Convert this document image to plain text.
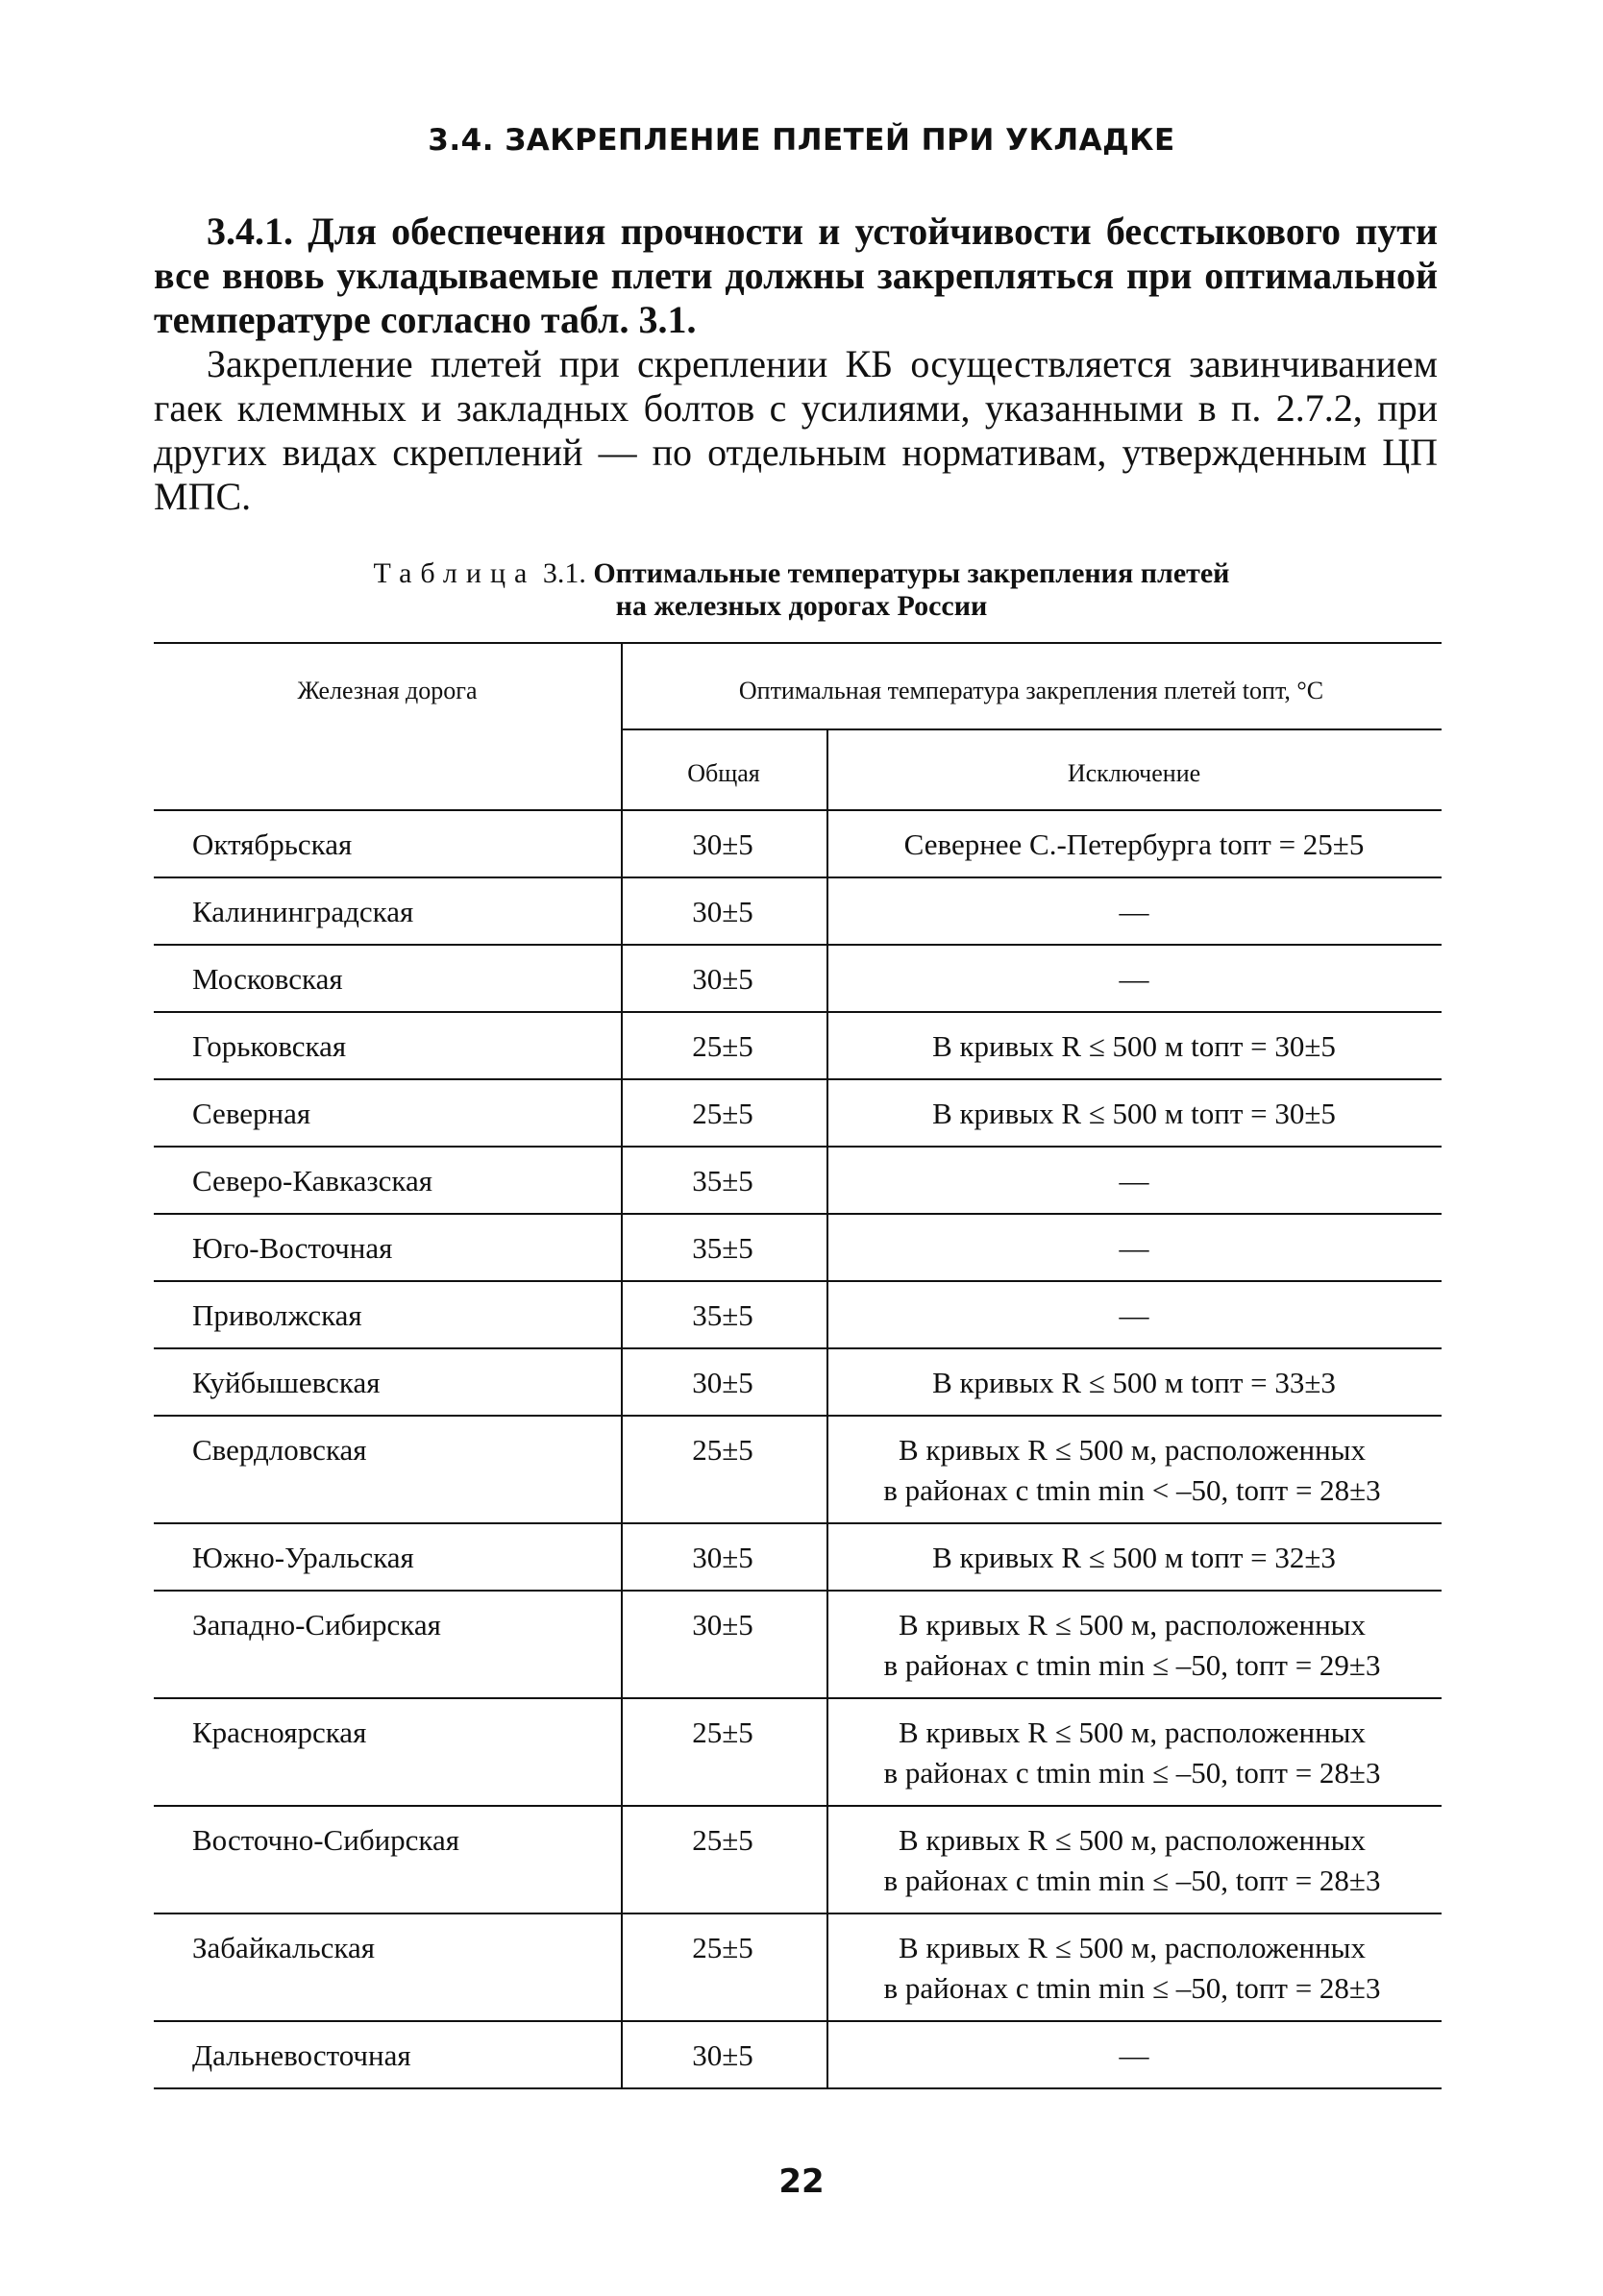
3.4. ЗАКРЕПЛЕНИЕ ПЛЕТЕЙ ПРИ УКЛАДКЕ

3.4.1. Для обеспечения прочности и устойчивости бесстыкового пути все вновь укладываемые плети должны закрепляться при оптимальной температуре согласно табл. 3.1.

Закрепление плетей при скреплении КБ осуществляется завинчиванием гаек клеммных и закладных болтов с усилиями, указанными в п. 2.7.2, при других видах скреплений — по отдельным нормативам, утвержденным ЦП МПС.

Таблица 3.1. Оптимальные температуры закрепления плетей
на железных дорогах России
Железная дорога	Оптимальная температура закрепления плетей tопт, °C
Общая	Исключение
Октябрьская	30±5	Севернее С.-Петербурга tопт = 25±5
Калининградская	30±5	—
Московская	30±5	—
Горьковская	25±5	В кривых R ≤ 500 м tопт = 30±5
Северная	25±5	В кривых R ≤ 500 м tопт = 30±5
Северо-Кавказская	35±5	—
Юго-Восточная	35±5	—
Приволжская	35±5	—
Куйбышевская	30±5	В кривых R ≤ 500 м tопт = 33±3
Свердловская	25±5	В кривых R ≤ 500 м, расположенных
в районах с tmin min < –50, tопт = 28±3
Южно-Уральская	30±5	В кривых R ≤ 500 м tопт = 32±3
Западно-Сибирская	30±5	В кривых R ≤ 500 м, расположенных
в районах с tmin min ≤ –50, tопт = 29±3
Красноярская	25±5	В кривых R ≤ 500 м, расположенных
в районах с tmin min ≤ –50, tопт = 28±3
Восточно-Сибирская	25±5	В кривых R ≤ 500 м, расположенных
в районах с tmin min ≤ –50, tопт = 28±3
Забайкальская	25±5	В кривых R ≤ 500 м, расположенных
в районах с tmin min ≤ –50, tопт = 28±3
Дальневосточная	30±5	—
22
